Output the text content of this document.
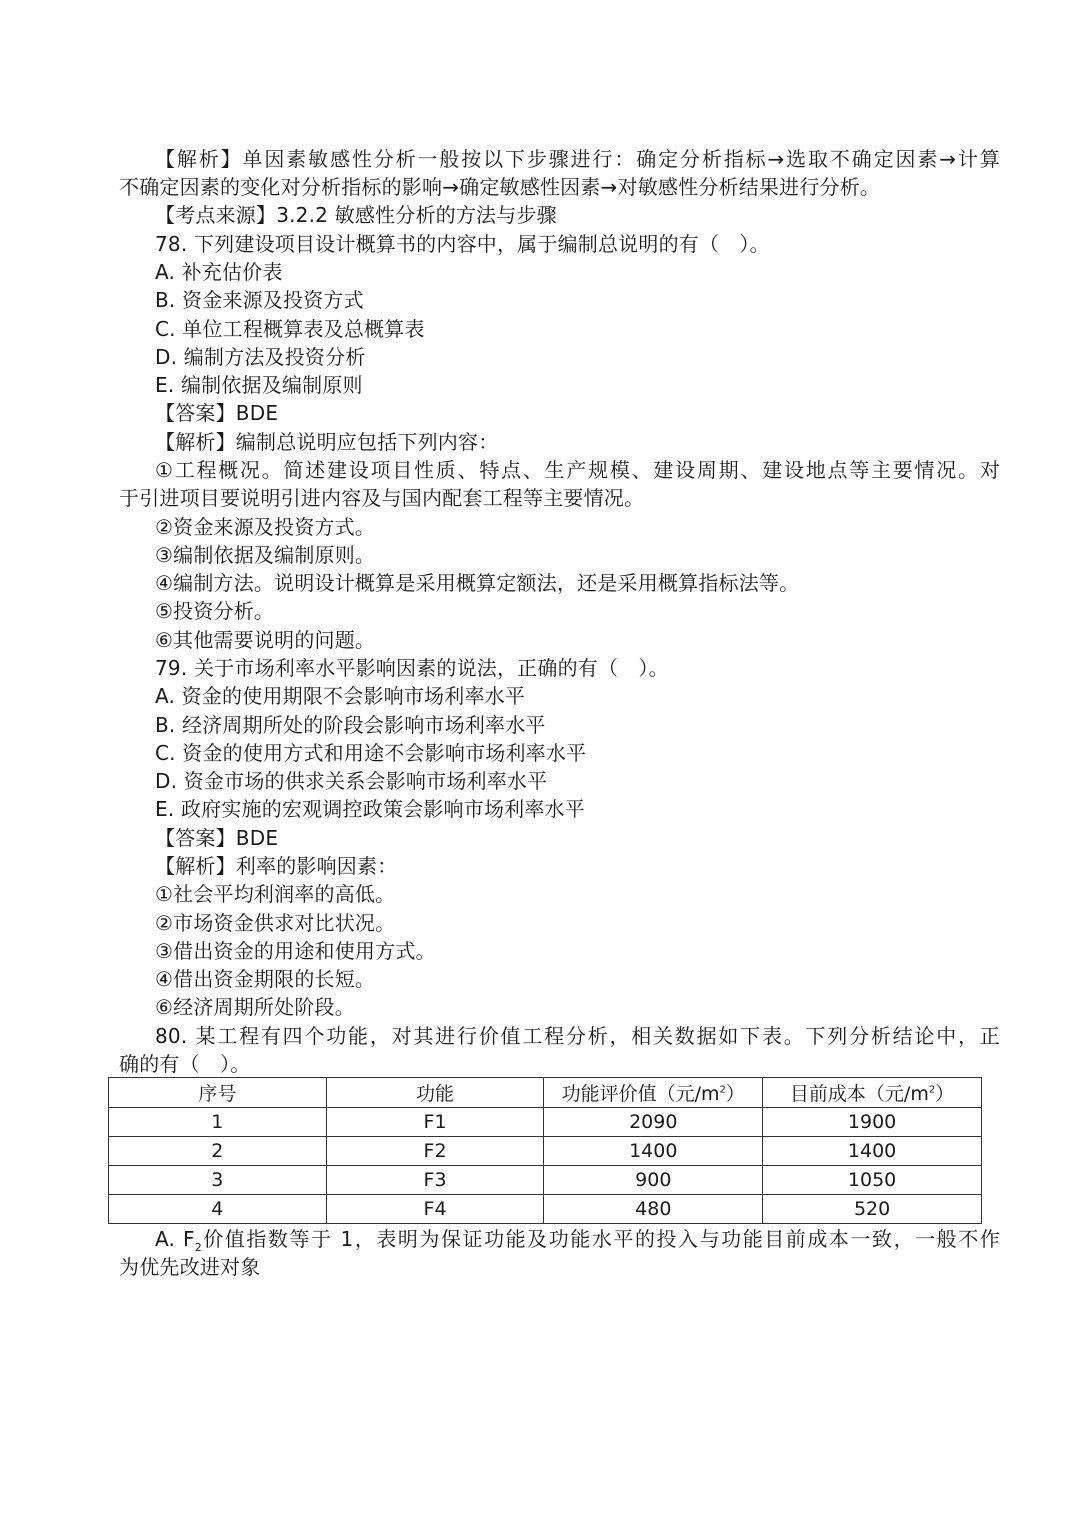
【解析】单因素敏感性分析一般按以下步骤进行：确定分析指标→选取不确定因素→计算
不确定因素的变化对分析指标的影响→确定敏感性因素→对敏感性分析结果进行分析。
【考点来源】3.2.2 敏感性分析的方法与步骤
78. 下列建设项目设计概算书的内容中，属于编制总说明的有（　）。
A. 补充估价表
B. 资金来源及投资方式
C. 单位工程概算表及总概算表
D. 编制方法及投资分析
E. 编制依据及编制原则
【答案】BDE
【解析】编制总说明应包括下列内容：
①工程概况。简述建设项目性质、特点、生产规模、建设周期、建设地点等主要情况。对
于引进项目要说明引进内容及与国内配套工程等主要情况。
②资金来源及投资方式。
③编制依据及编制原则。
④编制方法。说明设计概算是采用概算定额法，还是采用概算指标法等。
⑤投资分析。
⑥其他需要说明的问题。
79. 关于市场利率水平影响因素的说法，正确的有（　）。
A. 资金的使用期限不会影响市场利率水平
B. 经济周期所处的阶段会影响市场利率水平
C. 资金的使用方式和用途不会影响市场利率水平
D. 资金市场的供求关系会影响市场利率水平
E. 政府实施的宏观调控政策会影响市场利率水平
【答案】BDE
【解析】利率的影响因素：
①社会平均利润率的高低。
②市场资金供求对比状况。
③借出资金的用途和使用方式。
④借出资金期限的长短。
⑥经济周期所处阶段。
80. 某工程有四个功能，对其进行价值工程分析，相关数据如下表。下列分析结论中，正
确的有（　）。
序号	功能	功能评价值（元$/m^2$）	目前成本（元$/m^2$）
1	F1	2090	1900
2	F2	1400	1400
3	F3	900	1050
4	F4	480	520
A. $F_2$价值指数等于 1，表明为保证功能及功能水平的投入与功能目前成本一致，一般不作
为优先改进对象
